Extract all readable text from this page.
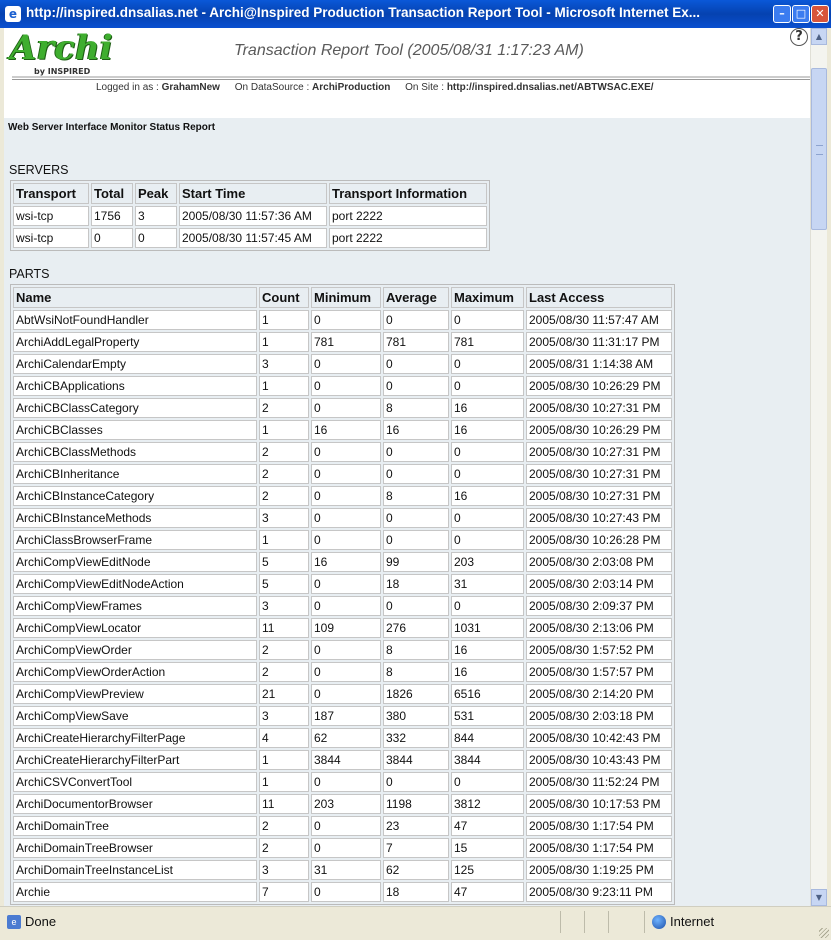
e http://inspired.dnsalias.net - Archi@Inspired Production Transaction Report Tool - Microsoft Internet Ex...	–	□ ✕
Archi
by INSPIRED
Transaction Report Tool (2005/08/31 1:17:23 AM)
?
Logged in as : GrahamNew On DataSource : ArchiProduction On Site : http://inspired.dnsalias.net/ABTWSAC.EXE/
Web Server Interface Monitor Status Report
SERVERS
Transport	Total	Peak	Start Time	Transport Information
wsi-tcp	1756	3	2005/08/30 11:57:36 AM	port 2222
wsi-tcp	0	0	2005/08/30 11:57:45 AM	port 2222
PARTS
Name	Count	Minimum	Average	Maximum	Last Access
AbtWsiNotFoundHandler	1	0	0	0	2005/08/30 11:57:47 AM
ArchiAddLegalProperty	1	781	781	781	2005/08/30 11:31:17 PM
ArchiCalendarEmpty	3	0	0	0	2005/08/31 1:14:38 AM
ArchiCBApplications	1	0	0	0	2005/08/30 10:26:29 PM
ArchiCBClassCategory	2	0	8	16	2005/08/30 10:27:31 PM
ArchiCBClasses	1	16	16	16	2005/08/30 10:26:29 PM
ArchiCBClassMethods	2	0	0	0	2005/08/30 10:27:31 PM
ArchiCBInheritance	2	0	0	0	2005/08/30 10:27:31 PM
ArchiCBInstanceCategory	2	0	8	16	2005/08/30 10:27:31 PM
ArchiCBInstanceMethods	3	0	0	0	2005/08/30 10:27:43 PM
ArchiClassBrowserFrame	1	0	0	0	2005/08/30 10:26:28 PM
ArchiCompViewEditNode	5	16	99	203	2005/08/30 2:03:08 PM
ArchiCompViewEditNodeAction	5	0	18	31	2005/08/30 2:03:14 PM
ArchiCompViewFrames	3	0	0	0	2005/08/30 2:09:37 PM
ArchiCompViewLocator	11	109	276	1031	2005/08/30 2:13:06 PM
ArchiCompViewOrder	2	0	8	16	2005/08/30 1:57:52 PM
ArchiCompViewOrderAction	2	0	8	16	2005/08/30 1:57:57 PM
ArchiCompViewPreview	21	0	1826	6516	2005/08/30 2:14:20 PM
ArchiCompViewSave	3	187	380	531	2005/08/30 2:03:18 PM
ArchiCreateHierarchyFilterPage	4	62	332	844	2005/08/30 10:42:43 PM
ArchiCreateHierarchyFilterPart	1	3844	3844	3844	2005/08/30 10:43:43 PM
ArchiCSVConvertTool	1	0	0	0	2005/08/30 11:52:24 PM
ArchiDocumentorBrowser	11	203	1198	3812	2005/08/30 10:17:53 PM
ArchiDomainTree	2	0	23	47	2005/08/30 1:17:54 PM
ArchiDomainTreeBrowser	2	0	7	15	2005/08/30 1:17:54 PM
ArchiDomainTreeInstanceList	3	31	62	125	2005/08/30 1:19:25 PM
Archie	7	0	18	47	2005/08/30 9:23:11 PM
▲
▼
e Done	Internet
